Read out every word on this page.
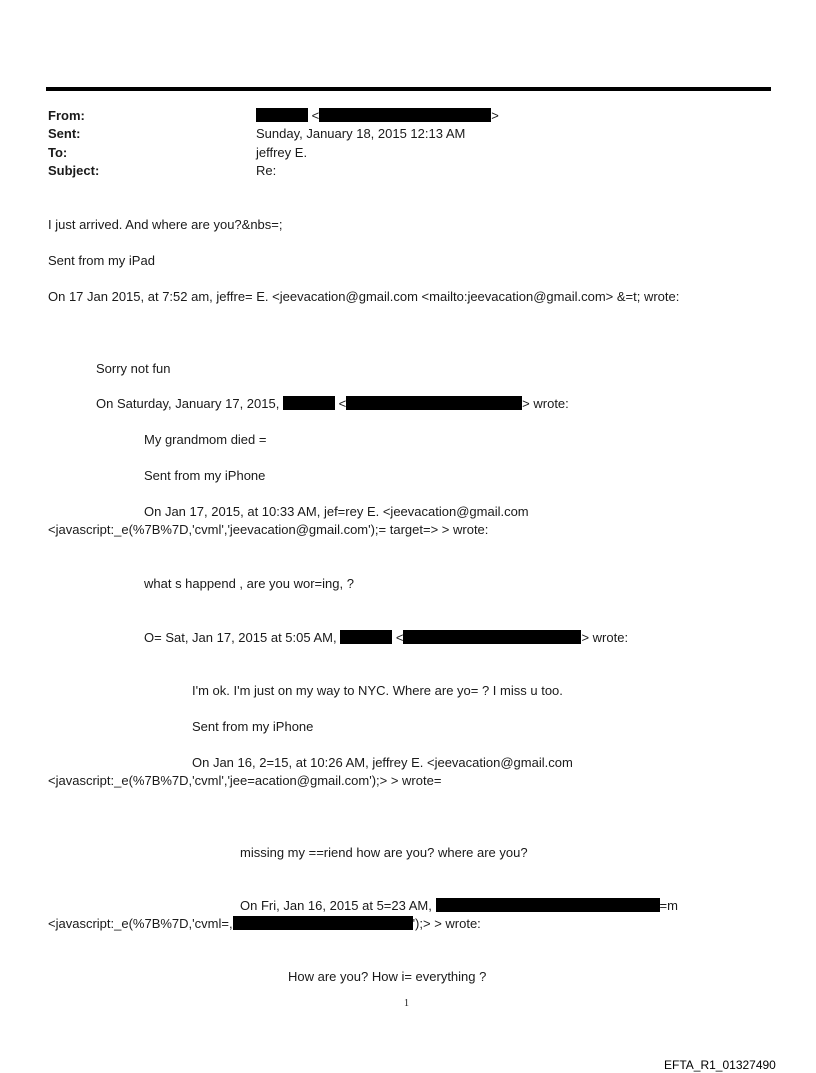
From:	<	>
Sent:	Sunday, January 18, 2015 12:13 AM
To:	jeffrey E.
Subject:	Re:
I just arrived. And where are you?&nbs=;
Sent from my iPad
On 17 Jan 2015, at 7:52 am, jeffre= E. <jeevacation@gmail.com <mailto:jeevacation@gmail.com> &=t; wrote:
Sorry not fun
On Saturday, January 17, 2015,	<	> wrote:
My grandmom died =
Sent from my iPhone
On Jan 17, 2015, at 10:33 AM, jef=rey E. <jeevacation@gmail.com
<javascript:_e(%7B%7D,'cvml','jeevacation@gmail.com');= target=> > wrote:
what s happend , are you wor=ing, ?
O= Sat, Jan 17, 2015 at 5:05 AM,	<	> wrote:
I'm ok. I'm just on my way to NYC. Where are yo= ? I miss u too.
Sent from my iPhone
On Jan 16, 2=15, at 10:26 AM, jeffrey E. <jeevacation@gmail.com
<javascript:_e(%7B%7D,'cvml','jee=acation@gmail.com');> > wrote=
missing my ==riend how are you? where are you?
On Fri, Jan 16, 2015 at 5=23 AM,	=m
<javascript:_e(%7B%7D,'cvml=,	');> > wrote:
How are you? How i= everything ?
1
EFTA_R1_01327490
